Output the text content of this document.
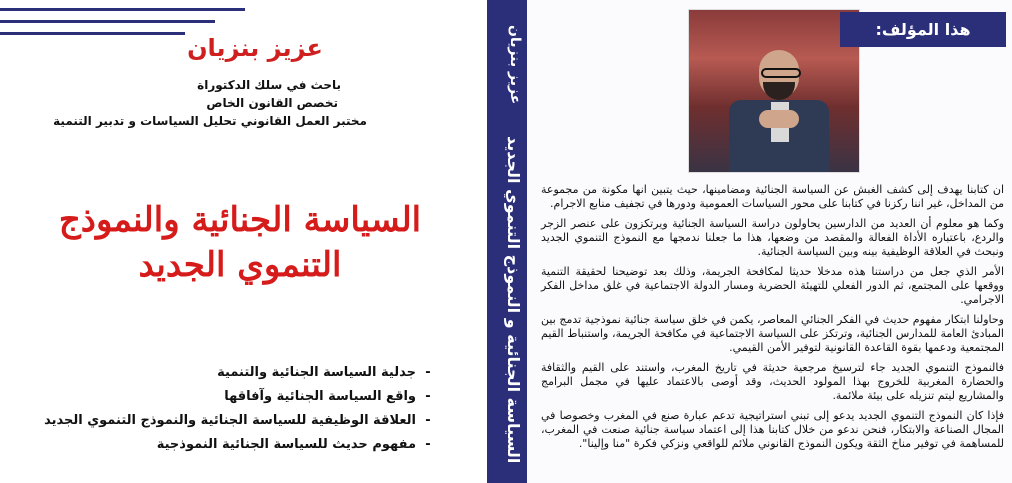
عزيز بنزيان
باحث في سلك الدكتوراة
تخصص القانون الخاص
مختبر العمل القانوني تحليل السياسات و تدبير التنمية
السياسة الجنائية والنموذج
التنموي الجديد
-
جدلية السياسة الجنائية والتنمية
-
واقع السياسة الجنائية وآفاقها
-
العلاقة الوظيفية للسياسة الجنائية والنموذج التنموي الجديد
-
مفهوم حديث للسياسة الجنائية النموذجية
عزيز بنزيان
السياسة الجنائية و النموذج التنموي الجديد
هذا المؤلف:

ان كتابنا يهدف إلى كشف الغبش عن السياسة الجنائية ومضامينها، حيث يتبين انها مكونة من مجموعة من المداخل، غير اننا ركزنا في كتابنا على محور السياسات العمومية ودورها في تجفيف منابع الاجرام.

وكما هو معلوم أن العديد من الدارسين يحاولون دراسة السياسة الجنائية ويرتكزون على عنصر الزجر والردع، باعتباره الأداة الفعالة والمقصد من وضعها، هذا ما جعلنا ندمجها مع النموذج التنموي الجديد ونبحث في العلاقة الوظيفية بينه وبين السياسة الجنائية.

الأمر الذي جعل من دراستنا هذه مدخلا حديثا لمكافحة الجريمة، وذلك بعد توضيحنا لحقيقة التنمية ووقعها على المجتمع، ثم الدور الفعلي للتهيئة الحضرية ومسار الدولة الاجتماعية في غلق مداخل الفكر الاجرامي.

وحاولنا ابتكار مفهوم حديث في الفكر الجنائي المعاصر، يكمن في خلق سياسة جنائية نموذجية تدمج بين المبادئ العامة للمدارس الجنائية، وترتكز على السياسة الاجتماعية في مكافحة الجريمة، واستنباط القيم المجتمعية ودعمها بقوة القاعدة القانونية لتوفير الأمن القيمي.

فالنموذج التنموي الجديد جاء لترسيخ مرجعية حديثة في تاريخ المغرب، واستند على القيم والثقافة والحضارة المغربية للخروج بهذا المولود الحديث، وقد أوصى بالاعتماد عليها في مجمل البرامج والمشاريع ليتم تنزيله على بيئة ملائمة.

فإذا كان النموذج التنموي الجديد يدعو إلى تبني استراتيجية تدعم عبارة صنع في المغرب وخصوصا في المجال الصناعة والابتكار، فنحن ندعو من خلال كتابنا هذا إلى اعتماد سياسة جنائية صنعت في المغرب، للمساهمة في توفير مناخ الثقة ويكون النموذج القانوني ملائم للواقعي ونزكي فكرة "منا وإلينا".
